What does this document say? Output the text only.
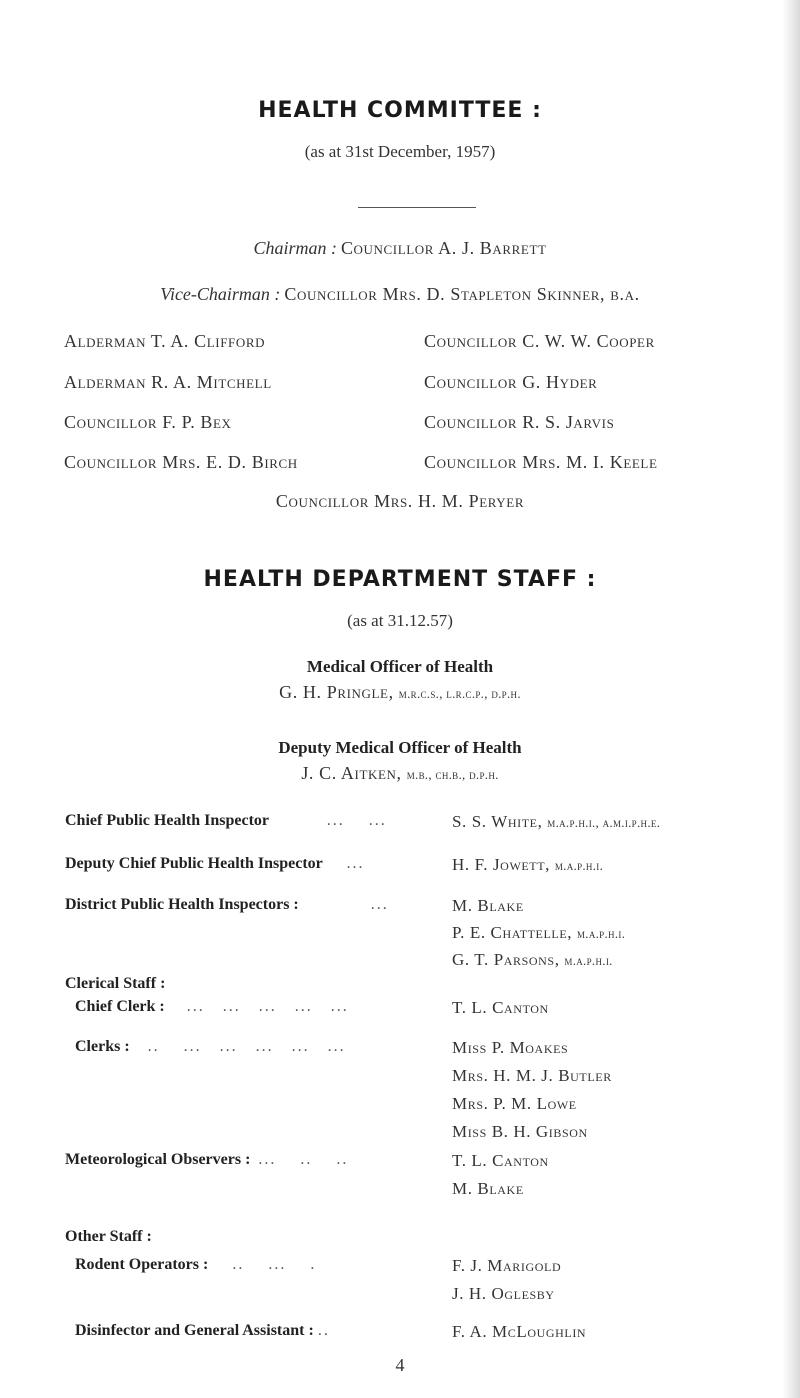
HEALTH COMMITTEE :
(as at 31st December, 1957)
Chairman : Councillor A. J. Barrett
Vice-Chairman : Councillor Mrs. D. Stapleton Skinner, b.a.
Alderman T. A. Clifford
Alderman R. A. Mitchell
Councillor F. P. Bex
Councillor Mrs. E. D. Birch
Councillor C. W. W. Cooper
Councillor G. Hyder
Councillor R. S. Jarvis
Councillor Mrs. M. I. Keele
Councillor Mrs. H. M. Peryer
HEALTH DEPARTMENT STAFF :
(as at 31.12.57)
Medical Officer of Health
G. H. Pringle, m.r.c.s., l.r.c.p., d.p.h.
Deputy Medical Officer of Health
J. C. Aitken, m.b., ch.b., d.p.h.
Chief Public Health Inspector	...    ...	S. S. White, m.a.p.h.i., a.m.i.p.h.e.
Deputy Chief Public Health Inspector ...	H. F. Jowett, m.a.p.h.i.
District Public Health Inspectors :	...	M. Blake
P. E. Chattelle, m.a.p.h.i.
G. T. Parsons, m.a.p.h.i.
Clerical Staff :
Chief Clerk : ...   ...   ...   ...   ...	T. L. Canton
Clerks : ..    ...   ...   ...   ...   ...	Miss P. Moakes
Mrs. H. M. J. Butler
Mrs. P. M. Lowe
Miss B. H. Gibson
Meteorological Observers : ...    ..    ..	T. L. Canton
M. Blake
Other Staff :
Rodent Operators : ..    ...    .	F. J. Marigold
J. H. Oglesby
Disinfector and General Assistant : ..	F. A. McLoughlin
4
